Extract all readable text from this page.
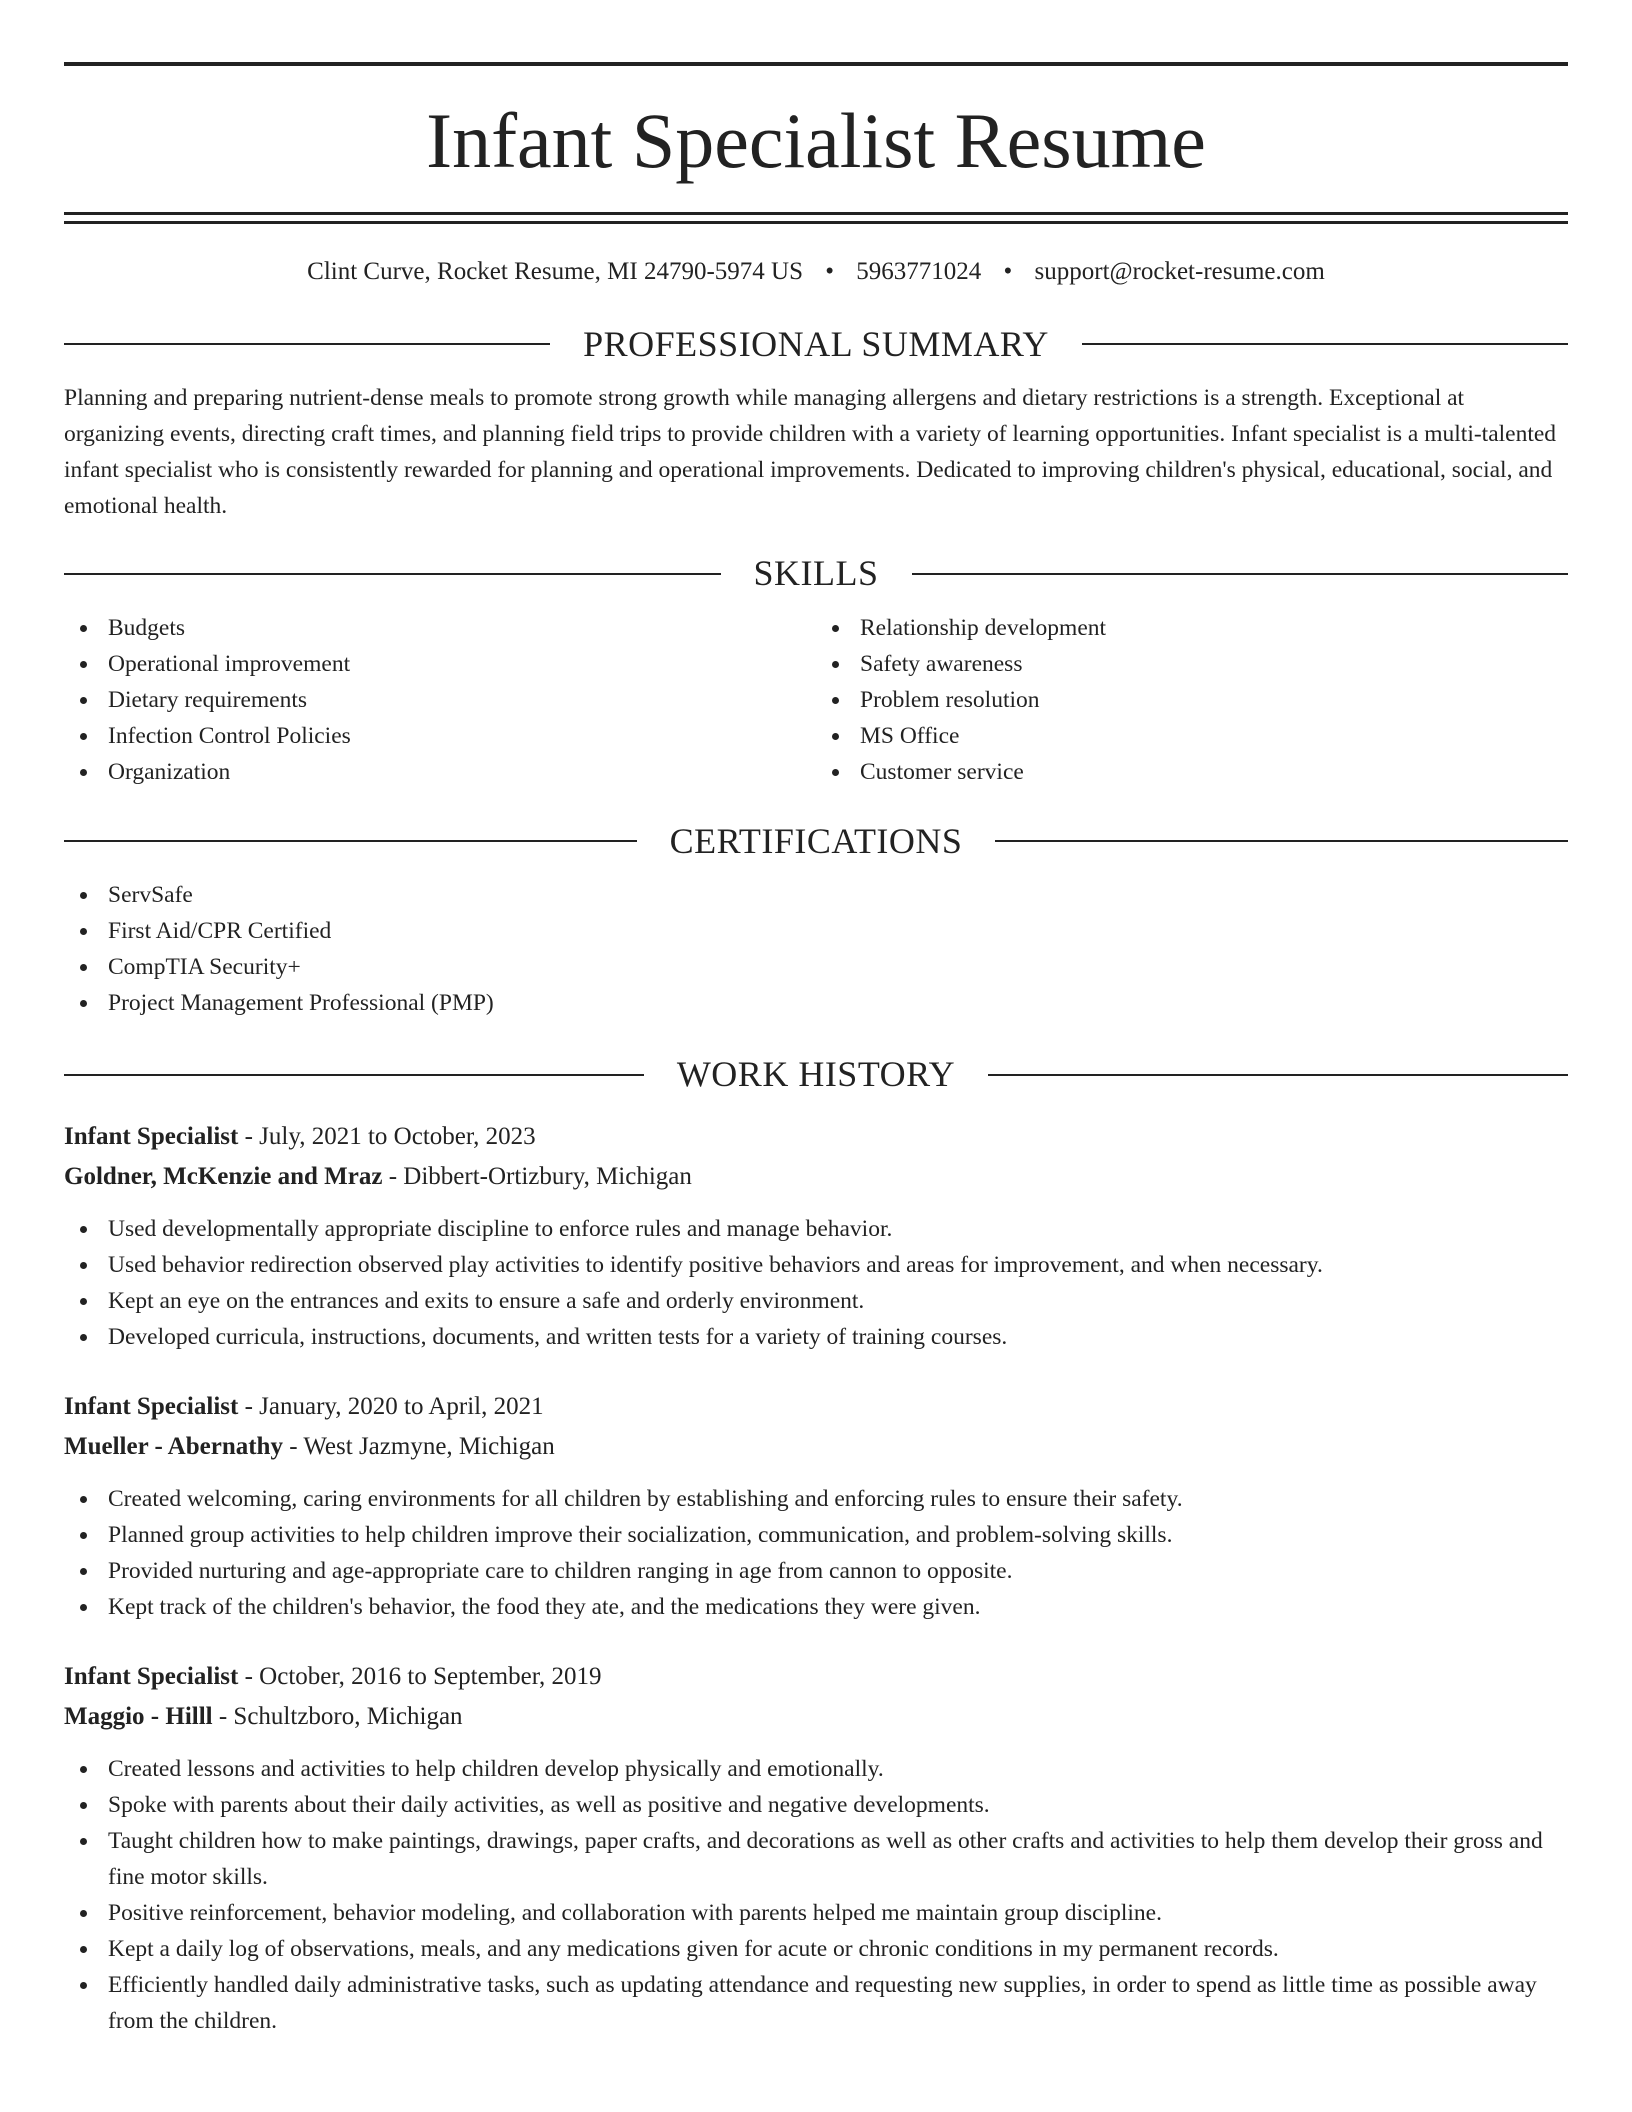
Infant Specialist Resume
Clint Curve, Rocket Resume, MI 24790-5974 US • 5963771024 • support@rocket-resume.com
PROFESSIONAL SUMMARY

Planning and preparing nutrient-dense meals to promote strong growth while managing allergens and dietary restrictions is a strength. Exceptional at organizing events, directing craft times, and planning field trips to provide children with a variety of learning opportunities. Infant specialist is a multi-talented infant specialist who is consistently rewarded for planning and operational improvements. Dedicated to improving children's physical, educational, social, and emotional health.

SKILLS
Budgets
Operational improvement
Dietary requirements
Infection Control Policies
Organization
Relationship development
Safety awareness
Problem resolution
MS Office
Customer service
CERTIFICATIONS
ServSafe
First Aid/CPR Certified
CompTIA Security+
Project Management Professional (PMP)
WORK HISTORY
Infant Specialist - July, 2021 to October, 2023
Goldner, McKenzie and Mraz - Dibbert-Ortizbury, Michigan
Used developmentally appropriate discipline to enforce rules and manage behavior.
Used behavior redirection observed play activities to identify positive behaviors and areas for improvement, and when necessary.
Kept an eye on the entrances and exits to ensure a safe and orderly environment.
Developed curricula, instructions, documents, and written tests for a variety of training courses.
Infant Specialist - January, 2020 to April, 2021
Mueller - Abernathy - West Jazmyne, Michigan
Created welcoming, caring environments for all children by establishing and enforcing rules to ensure their safety.
Planned group activities to help children improve their socialization, communication, and problem-solving skills.
Provided nurturing and age-appropriate care to children ranging in age from cannon to opposite.
Kept track of the children's behavior, the food they ate, and the medications they were given.
Infant Specialist - October, 2016 to September, 2019
Maggio - Hilll - Schultzboro, Michigan
Created lessons and activities to help children develop physically and emotionally.
Spoke with parents about their daily activities, as well as positive and negative developments.
Taught children how to make paintings, drawings, paper crafts, and decorations as well as other crafts and activities to help them develop their gross and fine motor skills.
Positive reinforcement, behavior modeling, and collaboration with parents helped me maintain group discipline.
Kept a daily log of observations, meals, and any medications given for acute or chronic conditions in my permanent records.
Efficiently handled daily administrative tasks, such as updating attendance and requesting new supplies, in order to spend as little time as possible away from the children.
